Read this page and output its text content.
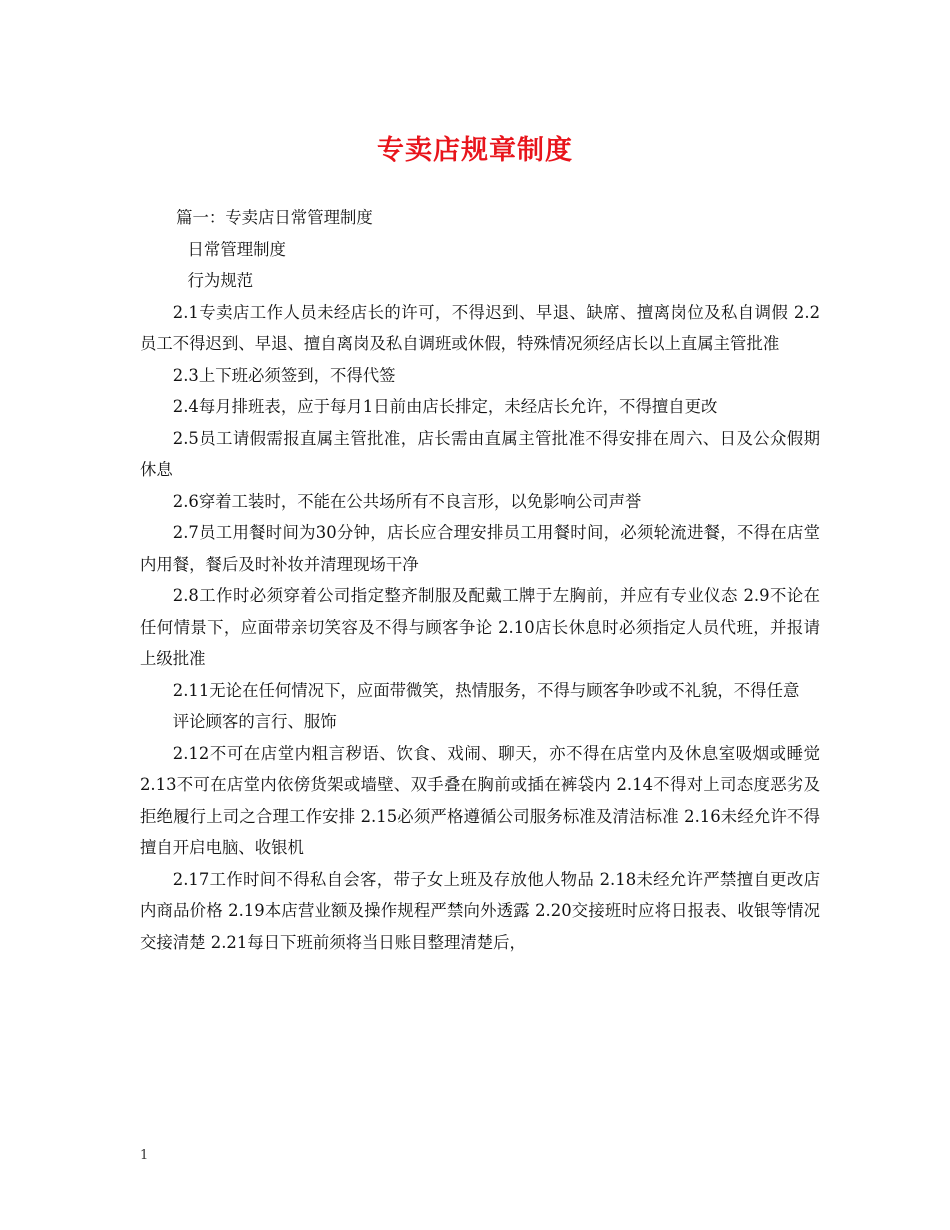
专卖店规章制度

篇一：专卖店日常管理制度

日常管理制度

行为规范

2.1专卖店工作人员未经店长的许可，不得迟到、早退、缺席、擅离岗位及私自调假 2.2员工不得迟到、早退、擅自离岗及私自调班或休假，特殊情况须经店长以上直属主管批准

2.3上下班必须签到，不得代签

2.4每月排班表，应于每月1日前由店长排定，未经店长允许，不得擅自更改

2.5员工请假需报直属主管批准，店长需由直属主管批准不得安排在周六、日及公众假期休息

2.6穿着工装时，不能在公共场所有不良言形，以免影响公司声誉

2.7员工用餐时间为30分钟，店长应合理安排员工用餐时间，必须轮流进餐，不得在店堂内用餐，餐后及时补妆并清理现场干净

2.8工作时必须穿着公司指定整齐制服及配戴工牌于左胸前，并应有专业仪态 2.9不论在任何情景下，应面带亲切笑容及不得与顾客争论 2.10店长休息时必须指定人员代班，并报请上级批准

2.11无论在任何情况下，应面带微笑，热情服务，不得与顾客争吵或不礼貌，不得任意

评论顾客的言行、服饰

2.12不可在店堂内粗言秽语、饮食、戏闹、聊天，亦不得在店堂内及休息室吸烟或睡觉 2.13不可在店堂内依傍货架或墙壁、双手叠在胸前或插在裤袋内 2.14不得对上司态度恶劣及拒绝履行上司之合理工作安排 2.15必须严格遵循公司服务标准及清洁标准 2.16未经允许不得擅自开启电脑、收银机

2.17工作时间不得私自会客，带子女上班及存放他人物品 2.18未经允许严禁擅自更改店内商品价格 2.19本店营业额及操作规程严禁向外透露 2.20交接班时应将日报表、收银等情况交接清楚 2.21每日下班前须将当日账目整理清楚后，

1
